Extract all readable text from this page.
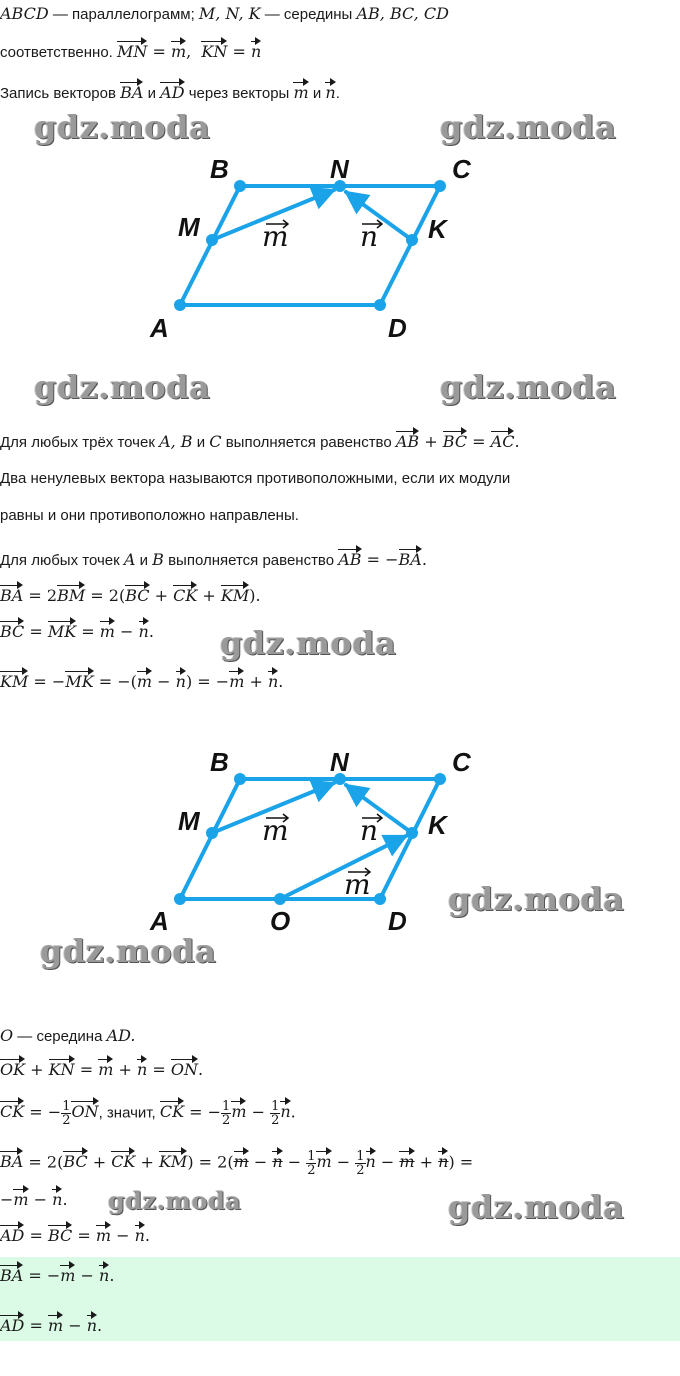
ABCD — параллелограмм; M, N, K — середины AB, BC, CD
соответственно. MN = m,  KN = n
Запись векторов BA и AD через векторы m и n.
gdz.moda	gdz.moda
gdz.moda	gdz.moda
B	N	C
M	K
A	D
m	n
Для любых трёх точек A, B и C выполняется равенство AB + BC = AC.
Два ненулевых вектора называются противоположными, если их модули
равны и они противоположно направлены.
Для любых точек A и B выполняется равенство AB = −BA.
BA = 2BM = 2(BC + CK + KM).
BC = MK = m − n. gdz.moda
KM = −MK = −(m − n) = −m + n.
B	N	C
M	K
A	O	D
m	n
m gdz.moda
gdz.moda
O — середина AD.
OK + KN = m + n = ON.
CK = − $\frac{1}{2}$ ON, значит, CK = − $\frac{1}{2}$ $m - \frac{1}{2} n$.
BA = 2(BC + CK + $KM) = 2(m - n - \frac{1}{2}$ $m - \frac{1}{2}$ n − m + n) =
−m − n. gdz.moda	gdz.moda
AD = BC = m − n.
BA = −m − n.
AD = m − n.
